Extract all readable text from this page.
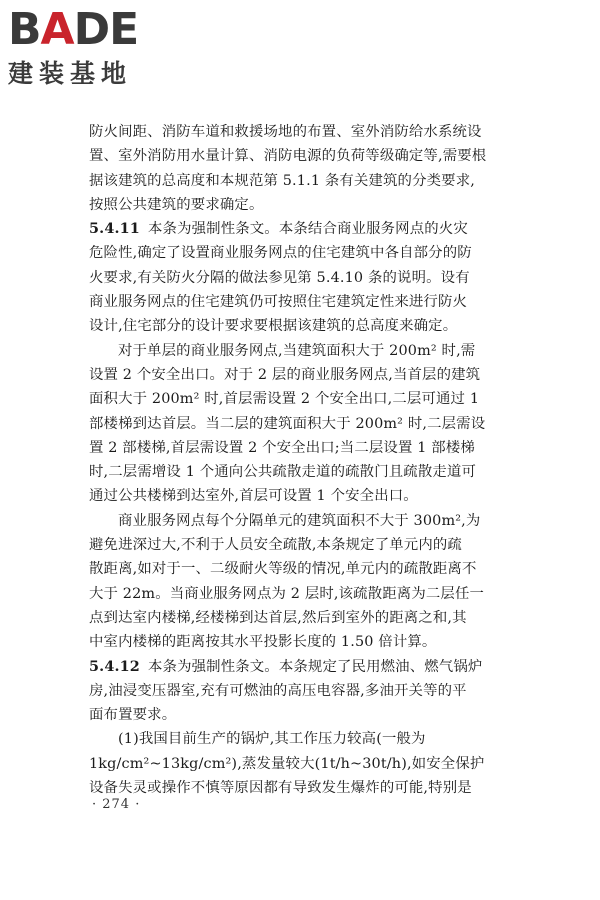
BADE
建装基地
防火间距、消防车道和救援场地的布置、室外消防给水系统设
置、室外消防用水量计算、消防电源的负荷等级确定等,需要根
据该建筑的总高度和本规范第 5.1.1 条有关建筑的分类要求,
按照公共建筑的要求确定。
5.4.11 本条为强制性条文。本条结合商业服务网点的火灾
危险性,确定了设置商业服务网点的住宅建筑中各自部分的防
火要求,有关防火分隔的做法参见第 5.4.10 条的说明。设有
商业服务网点的住宅建筑仍可按照住宅建筑定性来进行防火
设计,住宅部分的设计要求要根据该建筑的总高度来确定。
对于单层的商业服务网点,当建筑面积大于 200m² 时,需
设置 2 个安全出口。对于 2 层的商业服务网点,当首层的建筑
面积大于 200m² 时,首层需设置 2 个安全出口,二层可通过 1
部楼梯到达首层。当二层的建筑面积大于 200m² 时,二层需设
置 2 部楼梯,首层需设置 2 个安全出口;当二层设置 1 部楼梯
时,二层需增设 1 个通向公共疏散走道的疏散门且疏散走道可
通过公共楼梯到达室外,首层可设置 1 个安全出口。
商业服务网点每个分隔单元的建筑面积不大于 300m²,为
避免进深过大,不利于人员安全疏散,本条规定了单元内的疏
散距离,如对于一、二级耐火等级的情况,单元内的疏散距离不
大于 22m。当商业服务网点为 2 层时,该疏散距离为二层任一
点到达室内楼梯,经楼梯到达首层,然后到室外的距离之和,其
中室内楼梯的距离按其水平投影长度的 1.50 倍计算。
5.4.12 本条为强制性条文。本条规定了民用燃油、燃气锅炉
房,油浸变压器室,充有可燃油的高压电容器,多油开关等的平
面布置要求。
(1)我国目前生产的锅炉,其工作压力较高(一般为
1kg/cm²~13kg/cm²),蒸发量较大(1t/h~30t/h),如安全保护
设备失灵或操作不慎等原因都有导致发生爆炸的可能,特别是
· 274 ·
